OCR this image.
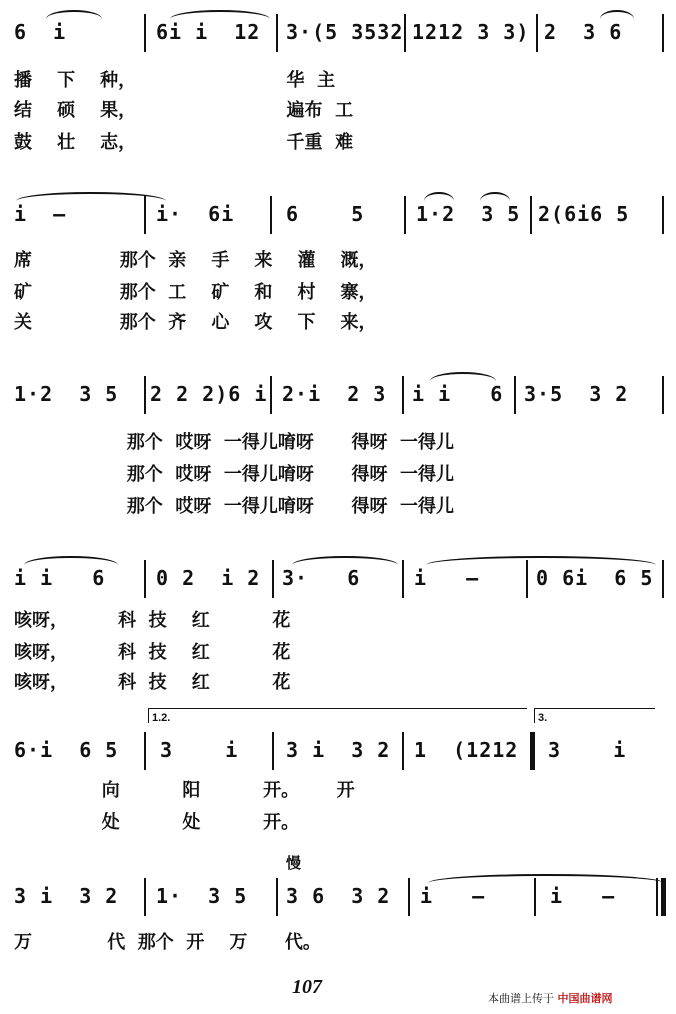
6  i	6i i  12 3·(5 3532 1212 3 3) 2  3 6
播    下    种，                        华  主
结    硕    果，                        遍布  工
鼓    壮    志，                        千重  难
i  —	i·  6i	6    5	1·2  3 5 2(6i6 5
席              那个  亲    手    来    灌    溉，
矿              那个  工    矿    和    村    寨，
关              那个  齐    心    攻    下    来，
1·2  3 5 2 2 2)6 i 2·i  2 3 i i   6 3·5  3 2
那个  哎呀  一得儿唷呀      得呀  一得儿
那个  哎呀  一得儿唷呀      得呀  一得儿
那个  哎呀  一得儿唷呀      得呀  一得儿
i i   6	0 2  i 2 3·   6	i   —	0 6i  6 5
咳呀，        科  技    红          花
咳呀，        科  技    红          花
咳呀，        科  技    红          花
1.2.	3.
6·i  6 5 3    i 3 i  3 2 1  (1212 3    i
向          阳          开。      开
处          处          开。
慢
3 i  3 2 1·  3 5 3 6  3 2 i   —	i   —
万            代  那个  开    万      代。
107
本曲谱上传于 中国曲谱网
